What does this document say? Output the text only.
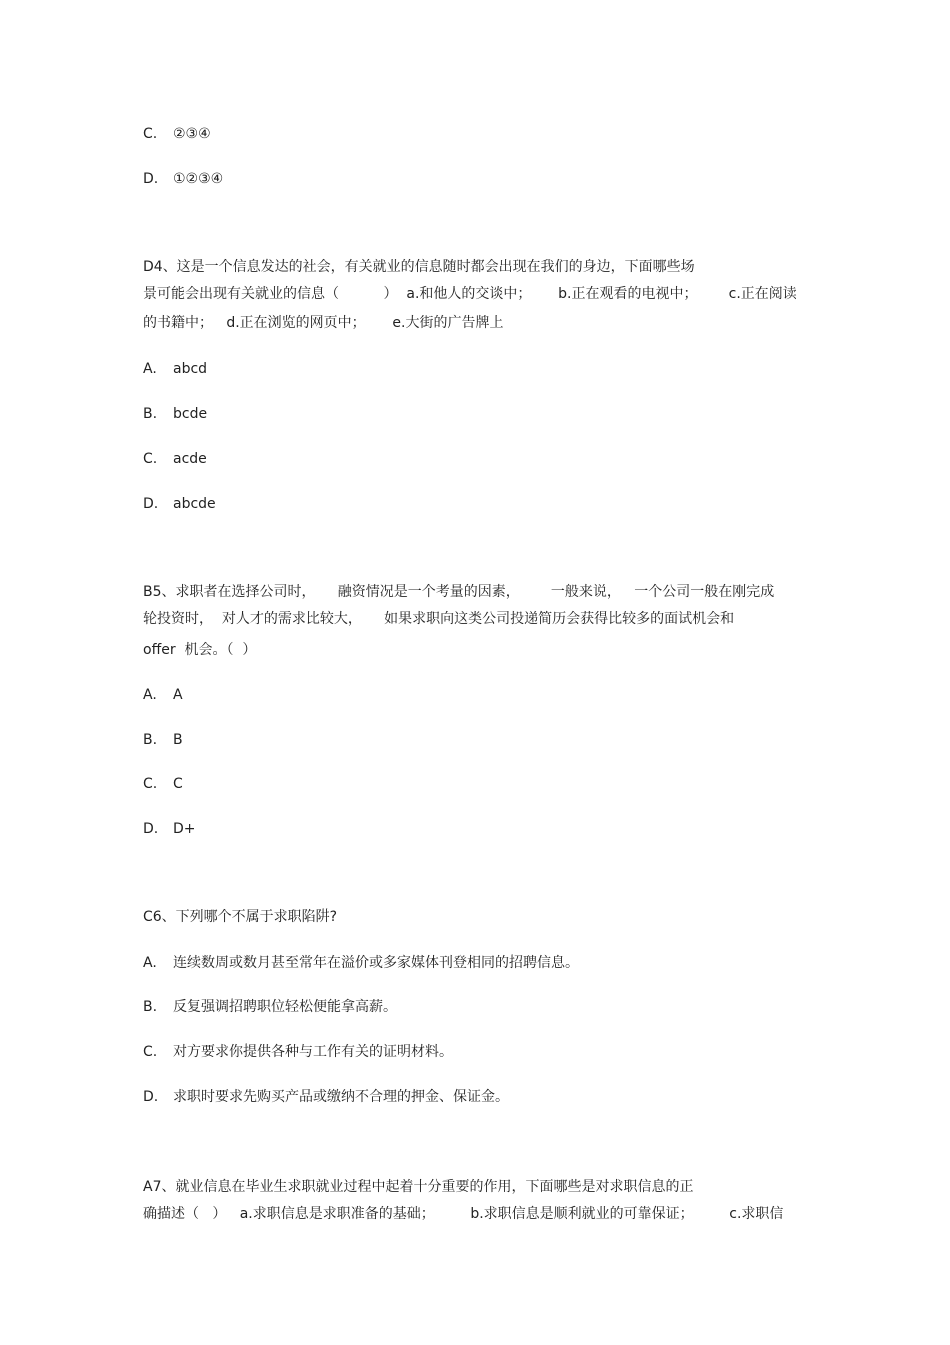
C. ②③④
D. ①②③④
D4、这是一个信息发达的社会，有关就业的信息随时都会出现在我们的身边，下面哪些场
景可能会出现有关就业的信息（          ）  a.和他人的交谈中；      b.正在观看的电视中；       c.正在阅读
的书籍中；   d.正在浏览的网页中；      e.大街的广告牌上
A. abcd
B. bcde
C. acde
D. abcde
B5、求职者在选择公司时，     融资情况是一个考量的因素，       一般来说，   一个公司一般在刚完成
轮投资时，  对人才的需求比较大，     如果求职向这类公司投递简历会获得比较多的面试机会和
offer  机会。（  ）
A. A
B. B
C. C
D. D+
C6、下列哪个不属于求职陷阱?
A. 连续数周或数月甚至常年在溢价或多家媒体刊登相同的招聘信息。
B. 反复强调招聘职位轻松便能拿高薪。
C. 对方要求你提供各种与工作有关的证明材料。
D. 求职时要求先购买产品或缴纳不合理的押金、保证金。
A7、就业信息在毕业生求职就业过程中起着十分重要的作用，下面哪些是对求职信息的正
确描述（   ）   a.求职信息是求职准备的基础；        b.求职信息是顺利就业的可靠保证；        c.求职信
